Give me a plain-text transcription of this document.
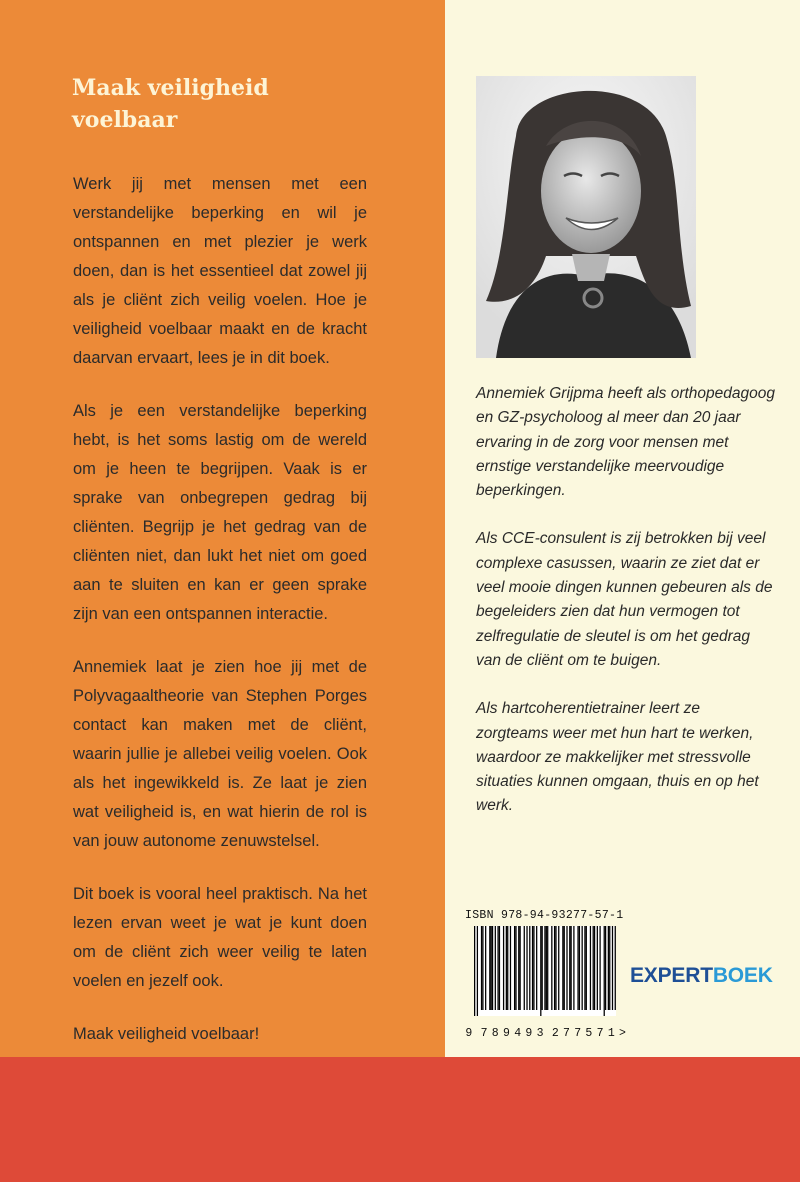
Maak veiligheid
voelbaar

Werk jij met mensen met een verstandelijke beperking en wil je ontspannen en met plezier je werk doen, dan is het essentieel dat zowel jij als je cliënt zich veilig voelen. Hoe je veiligheid voelbaar maakt en de kracht daarvan ervaart, lees je in dit boek.

Als je een verstandelijke beperking hebt, is het soms lastig om de wereld om je heen te begrijpen. Vaak is er sprake van onbegrepen gedrag bij cliënten. Begrijp je het gedrag van de cliënten niet, dan lukt het niet om goed aan te sluiten en kan er geen sprake zijn van een ontspannen interactie.

Annemiek laat je zien hoe jij met de Polyvagaaltheorie van Stephen Porges contact kan maken met de cliënt, waarin jullie je allebei veilig voelen. Ook als het ingewikkeld is. Ze laat je zien wat veiligheid is, en wat hierin de rol is van jouw autonome zenuwstelsel.

Dit boek is vooral heel praktisch. Na het lezen ervan weet je wat je kunt doen om de cliënt zich weer veilig te laten voelen en jezelf ook.

Maak veiligheid voelbaar!

Annemiek Grijpma heeft als orthopedagoog en GZ-psycholoog al meer dan 20 jaar ervaring in de zorg voor mensen met ernstige verstandelijke meervoudige beperkingen.

Als CCE-consulent is zij betrokken bij veel complexe casussen, waarin ze ziet dat er veel mooie dingen kunnen gebeuren als de begeleiders zien dat hun vermogen tot zelfregulatie de sleutel is om het gedrag van de cliënt om te buigen.

Als hartcoherentietrainer leert ze zorgteams weer met hun hart te werken, waardoor ze makkelijker met stressvolle situaties kunnen omgaan, thuis en op het werk.

ISBN 978-94-93277-57-1
9 789493 277571>
EXPERTBOEK
